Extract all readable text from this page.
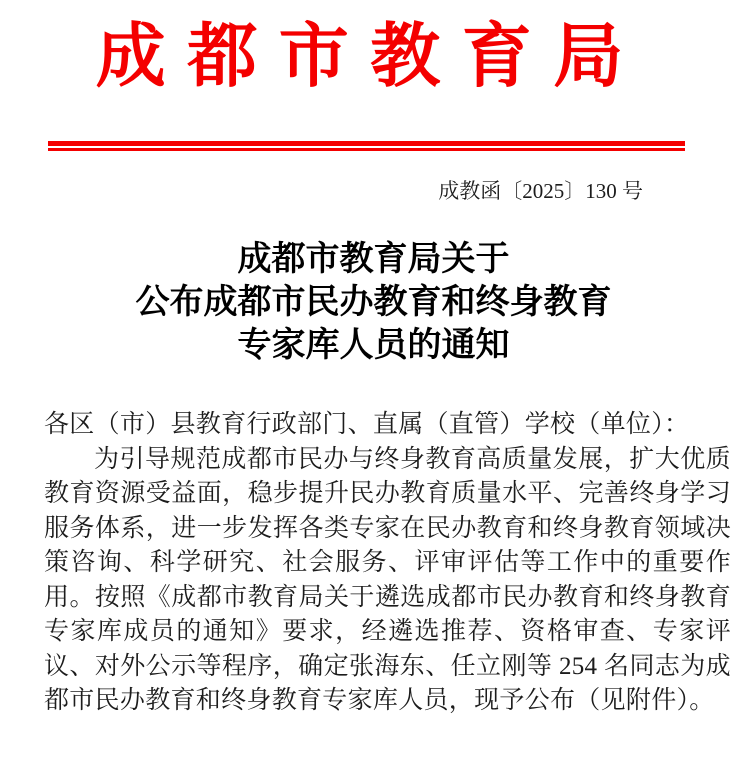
成 都 市 教 育 局
成教函〔2025〕130 号
成都市教育局关于
公布成都市民办教育和终身教育
专家库人员的通知

各区（市）县教育行政部门、直属（直管）学校（单位）：

为引导规范成都市民办与终身教育高质量发展，扩大优质教育资源受益面，稳步提升民办教育质量水平、完善终身学习服务体系，进一步发挥各类专家在民办教育和终身教育领域决策咨询、科学研究、社会服务、评审评估等工作中的重要作用。按照《成都市教育局关于遴选成都市民办教育和终身教育专家库成员的通知》要求，经遴选推荐、资格审查、专家评议、对外公示等程序，确定张海东、任立刚等 254 名同志为成都市民办教育和终身教育专家库人员，现予公布（见附件）。
